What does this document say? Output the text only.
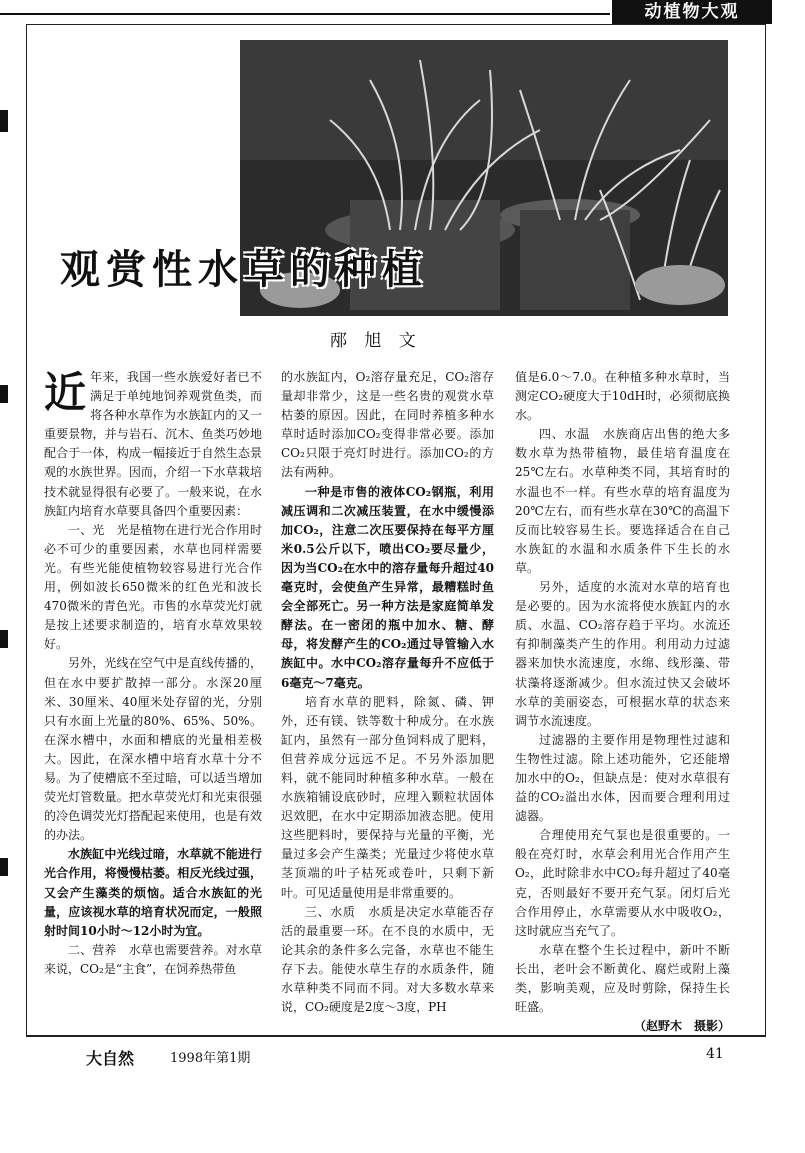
动植物大观
观赏性水草的种植
邴 旭 文
近 年来，我国一些水族爱好者已不满足于单纯地饲养观赏鱼类，而将各种水草作为水族缸内的又一重要景物，并与岩石、沉木、鱼类巧妙地配合于一体，构成一幅接近于自然生态景观的水族世界。因而，介绍一下水草栽培技术就显得很有必要了。一般来说，在水族缸内培育水草要具备四个重要因素：

一、光　光是植物在进行光合作用时必不可少的重要因素，水草也同样需要光。有些光能使植物较容易进行光合作用，例如波长650微米的红色光和波长470微米的青色光。市售的水草荧光灯就是按上述要求制造的，培育水草效果较好。

另外，光线在空气中是直线传播的，但在水中要扩散掉一部分。水深20厘米、30厘米、40厘米处存留的光，分别只有水面上光量的80%、65%、50%。在深水槽中，水面和槽底的光量相差极大。因此，在深水槽中培育水草十分不易。为了使槽底不至过暗，可以适当增加荧光灯管数量。把水草荧光灯和光束很强的冷色调荧光灯搭配起来使用，也是有效的办法。

水族缸中光线过暗，水草就不能进行光合作用，将慢慢枯萎。相反光线过强，又会产生藻类的烦恼。适合水族缸的光量，应该视水草的培育状况而定，一般照射时间10小时～12小时为宜。

二、营养　水草也需要营养。对水草来说，CO₂是“主食”，在饲养热带鱼

的水族缸内，O₂溶存量充足，CO₂溶存量却非常少，这是一些名贵的观赏水草枯萎的原因。因此，在同时养植多种水草时适时添加CO₂变得非常必要。添加CO₂只限于亮灯时进行。添加CO₂的方法有两种。

一种是市售的液体CO₂钢瓶，利用减压调和二次减压装置，在水中缓慢添加CO₂，注意二次压要保持在每平方厘米0.5公斤以下，喷出CO₂要尽量少，因为当CO₂在水中的溶存量每升超过40毫克时，会使鱼产生异常，最糟糕时鱼会全部死亡。另一种方法是家庭简单发酵法。在一密闭的瓶中加水、糖、酵母，将发酵产生的CO₂通过导管输入水族缸中。水中CO₂溶存量每升不应低于6毫克～7毫克。

培育水草的肥料，除氮、磷、钾外，还有镁、铁等数十种成分。在水族缸内，虽然有一部分鱼饲料成了肥料，但营养成分远远不足。不另外添加肥料，就不能同时种植多种水草。一般在水族箱铺设底砂时，应埋入颗粒状固体迟效肥，在水中定期添加液态肥。使用这些肥料时，要保持与光量的平衡，光量过多会产生藻类；光量过少将使水草茎顶端的叶子枯死或卷叶，只剩下新叶。可见适量使用是非常重要的。

三、水质　水质是决定水草能否存活的最重要一环。在不良的水质中，无论其余的条件多么完备，水草也不能生存下去。能使水草生存的水质条件，随水草种类不同而不同。对大多数水草来说，CO₂硬度是2度～3度，PH

值是6.0～7.0。在种植多种水草时，当测定CO₂硬度大于10dH时，必须彻底换水。

四、水温　水族商店出售的绝大多数水草为热带植物，最佳培育温度在25℃左右。水草种类不同，其培育时的水温也不一样。有些水草的培育温度为20℃左右，而有些水草在30℃的高温下反而比较容易生长。要选择适合在自己水族缸的水温和水质条件下生长的水草。

另外，适度的水流对水草的培育也是必要的。因为水流将使水族缸内的水质、水温、CO₂溶存趋于平均。水流还有抑制藻类产生的作用。利用动力过滤器来加快水流速度，水绵、线形藻、带状藻将逐渐减少。但水流过快又会破坏水草的美丽姿态，可根据水草的状态来调节水流速度。

过滤器的主要作用是物理性过滤和生物性过滤。除上述功能外，它还能增加水中的O₂，但缺点是：使对水草很有益的CO₂溢出水体，因而要合理利用过滤器。

合理使用充气泵也是很重要的。一般在亮灯时，水草会利用光合作用产生O₂，此时除非水中CO₂每升超过了40毫克，否则最好不要开充气泵。闭灯后光合作用停止，水草需要从水中吸收O₂，这时就应当充气了。

水草在整个生长过程中，新叶不断长出，老叶会不断黄化、腐烂或附上藻类，影响美观，应及时剪除，保持生长旺盛。

（赵野木　摄影）
大自然	1998年第1期	41
